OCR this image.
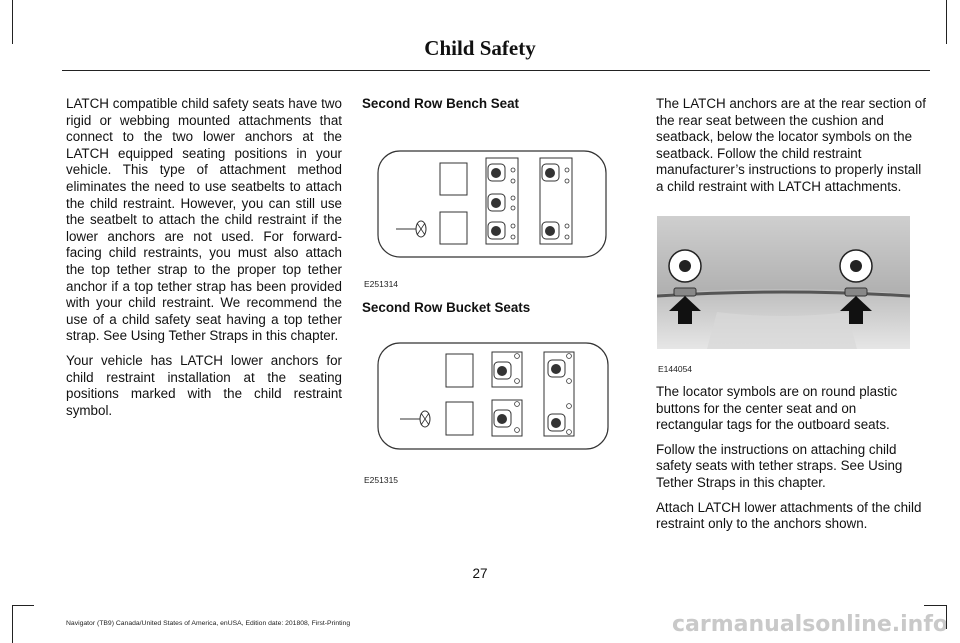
Child Safety

LATCH compatible child safety seats have two rigid or webbing mounted attachments that connect to the two lower anchors at the LATCH equipped seating positions in your vehicle. This type of attachment method eliminates the need to use seatbelts to attach the child restraint. However, you can still use the seatbelt to attach the child restraint if the lower anchors are not used. For forward-facing child restraints, you must also attach the top tether strap to the proper top tether anchor if a top tether strap has been provided with your child restraint. We recommend the use of a child safety seat having a top tether strap. See Using Tether Straps in this chapter.

Your vehicle has LATCH lower anchors for child restraint installation at the seating positions marked with the child restraint symbol.

Second Row Bench Seat
E251314
Second Row Bucket Seats
E251315

The LATCH anchors are at the rear section of the rear seat between the cushion and seatback, below the locator symbols on the seatback. Follow the child restraint manufacturer’s instructions to properly install a child restraint with LATCH attachments.

E144054

The locator symbols are on round plastic buttons for the center seat and on rectangular tags for the outboard seats.

Follow the instructions on attaching child safety seats with tether straps. See Using Tether Straps in this chapter.

Attach LATCH lower attachments of the child restraint only to the anchors shown.

27
Navigator (TB9) Canada/United States of America, enUSA, Edition date: 201808, First-Printing	carmanualsonline.info
